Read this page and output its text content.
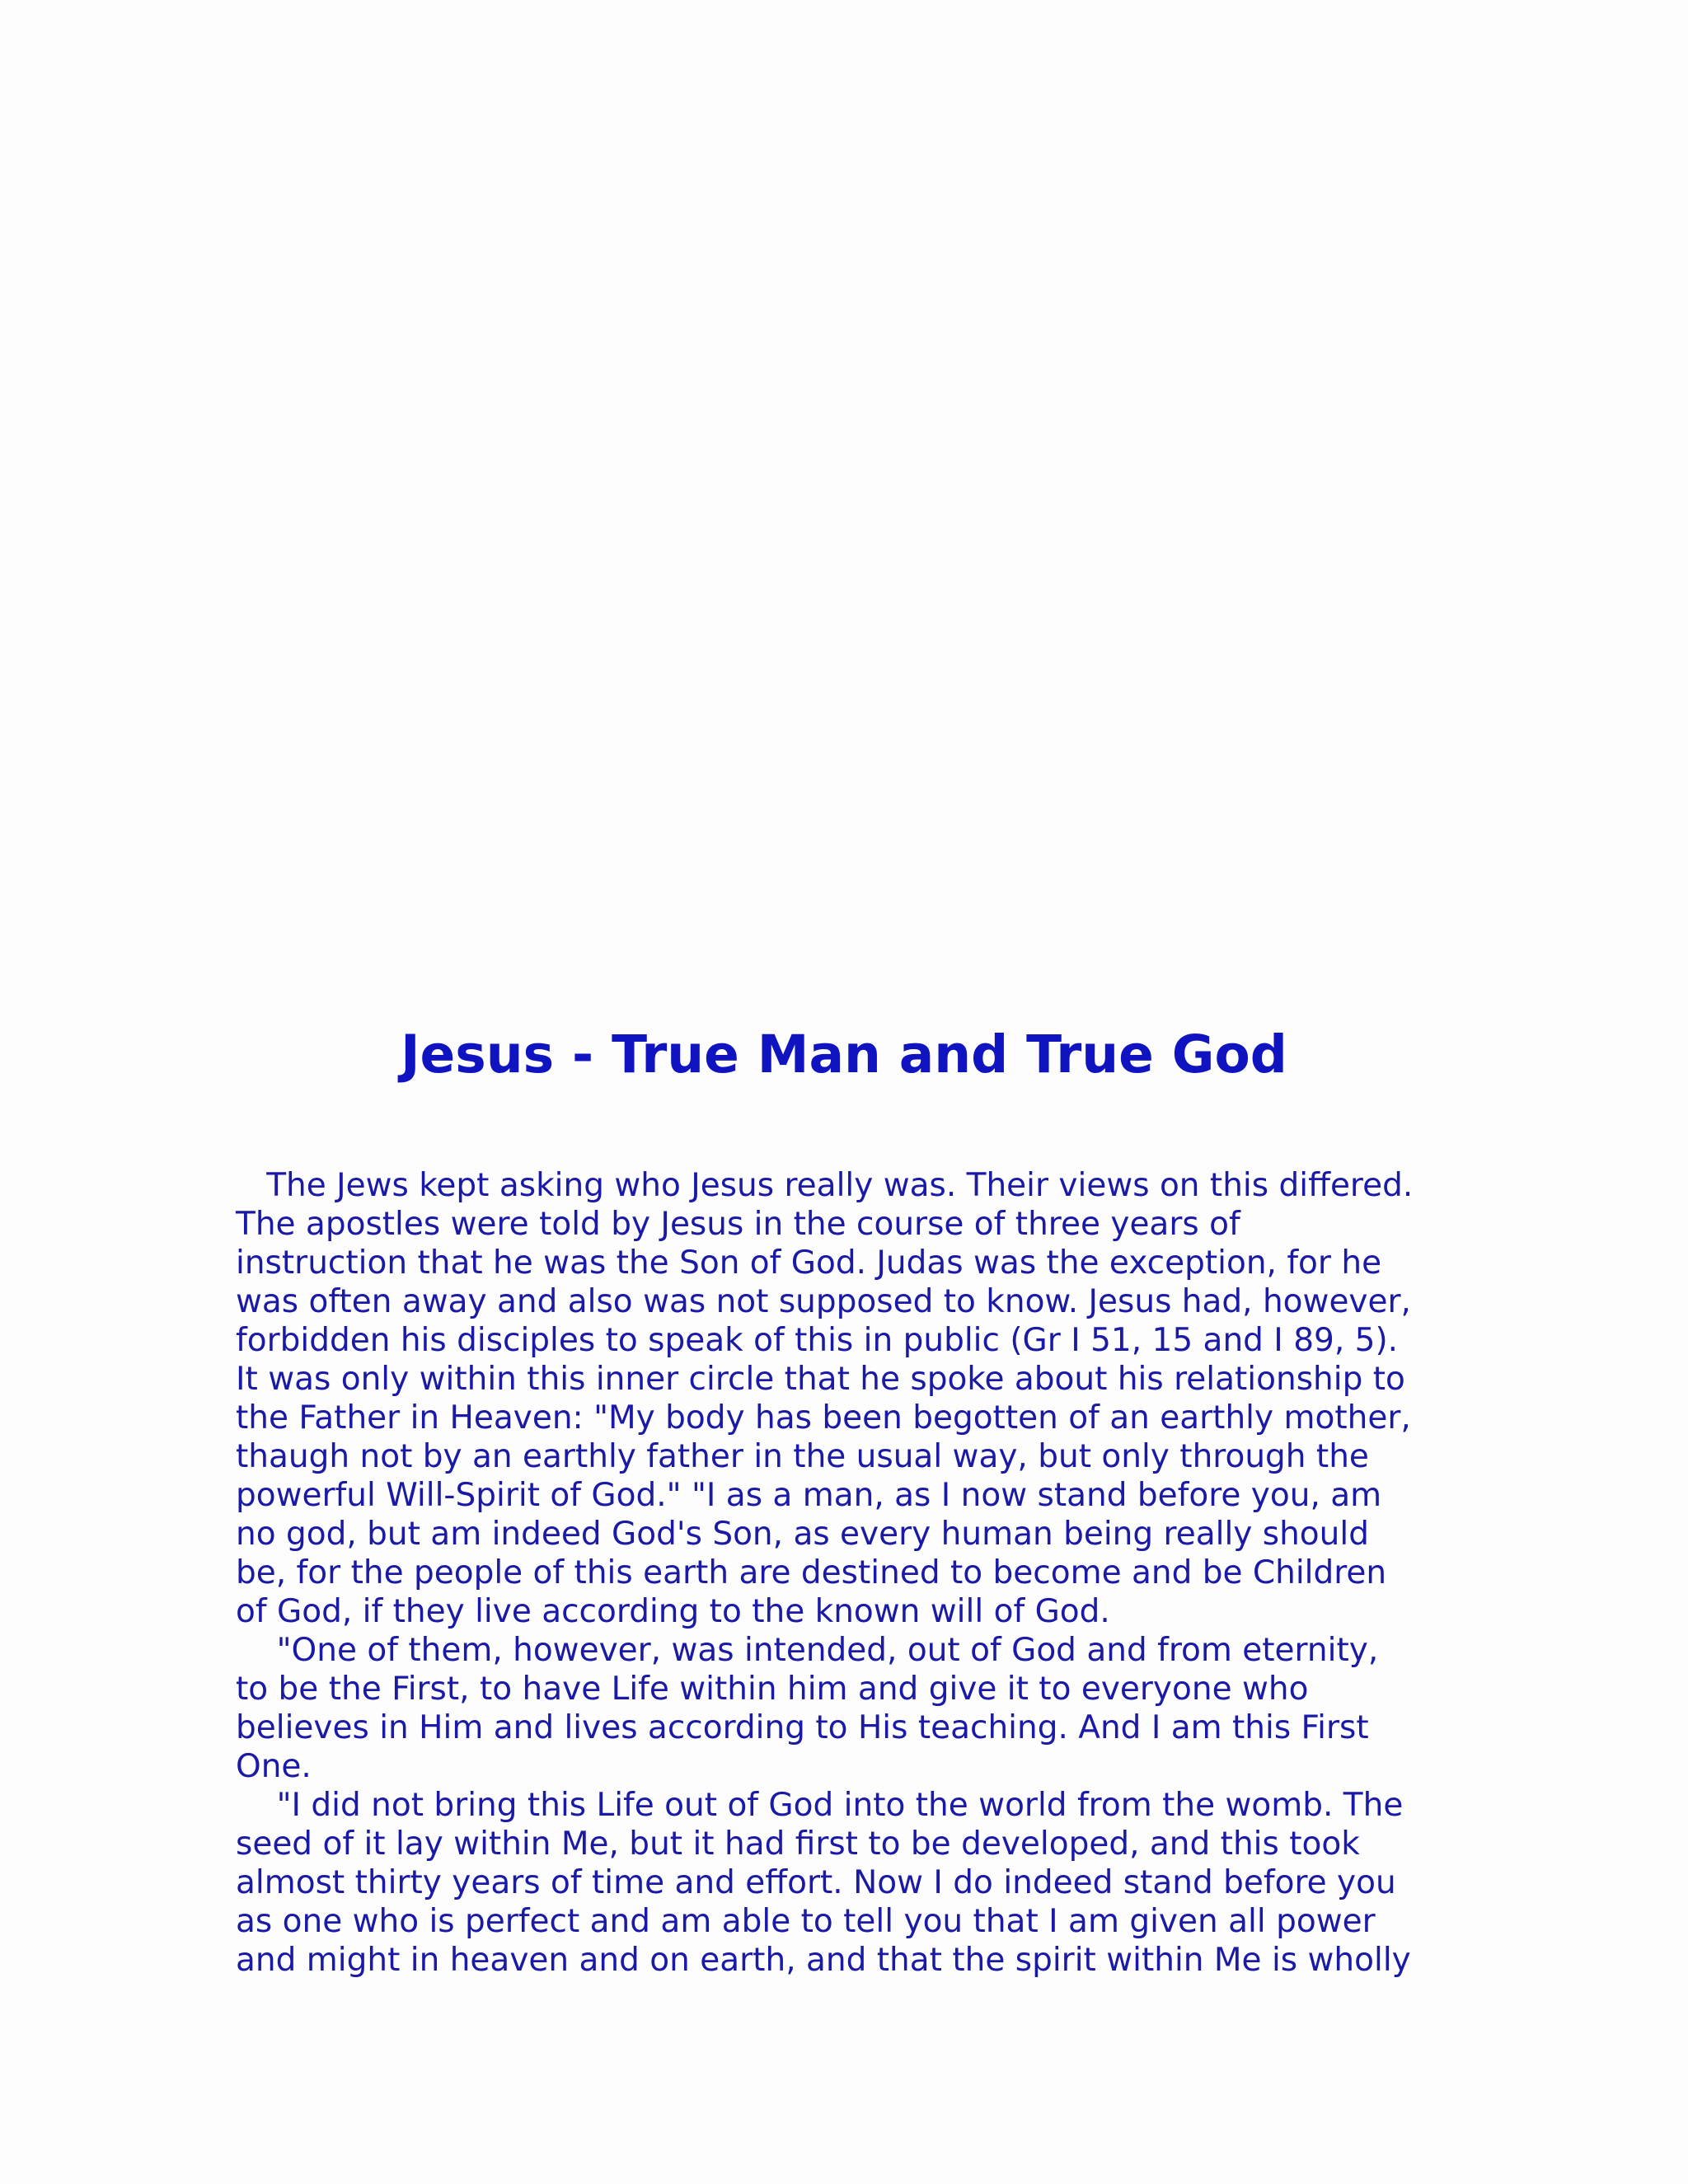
Jesus - True Man and True God
The Jews kept asking who Jesus really was. Their views on this differed.
The apostles were told by Jesus in the course of three years of
instruction that he was the Son of God. Judas was the exception, for he
was often away and also was not supposed to know. Jesus had, however,
forbidden his disciples to speak of this in public (Gr I 51, 15 and I 89, 5).
It was only within this inner circle that he spoke about his relationship to
the Father in Heaven: "My body has been begotten of an earthly mother,
thaugh not by an earthly father in the usual way, but only through the
powerful Will-Spirit of God." "I as a man, as I now stand before you, am
no god, but am indeed God's Son, as every human being really should
be, for the people of this earth are destined to become and be Children
of God, if they live according to the known will of God.
"One of them, however, was intended, out of God and from eternity,
to be the First, to have Life within him and give it to everyone who
believes in Him and lives according to His teaching. And I am this First
One.
"I did not bring this Life out of God into the world from the womb. The
seed of it lay within Me, but it had first to be developed, and this took
almost thirty years of time and effort. Now I do indeed stand before you
as one who is perfect and am able to tell you that I am given all power
and might in heaven and on earth, and that the spirit within Me is wholly
